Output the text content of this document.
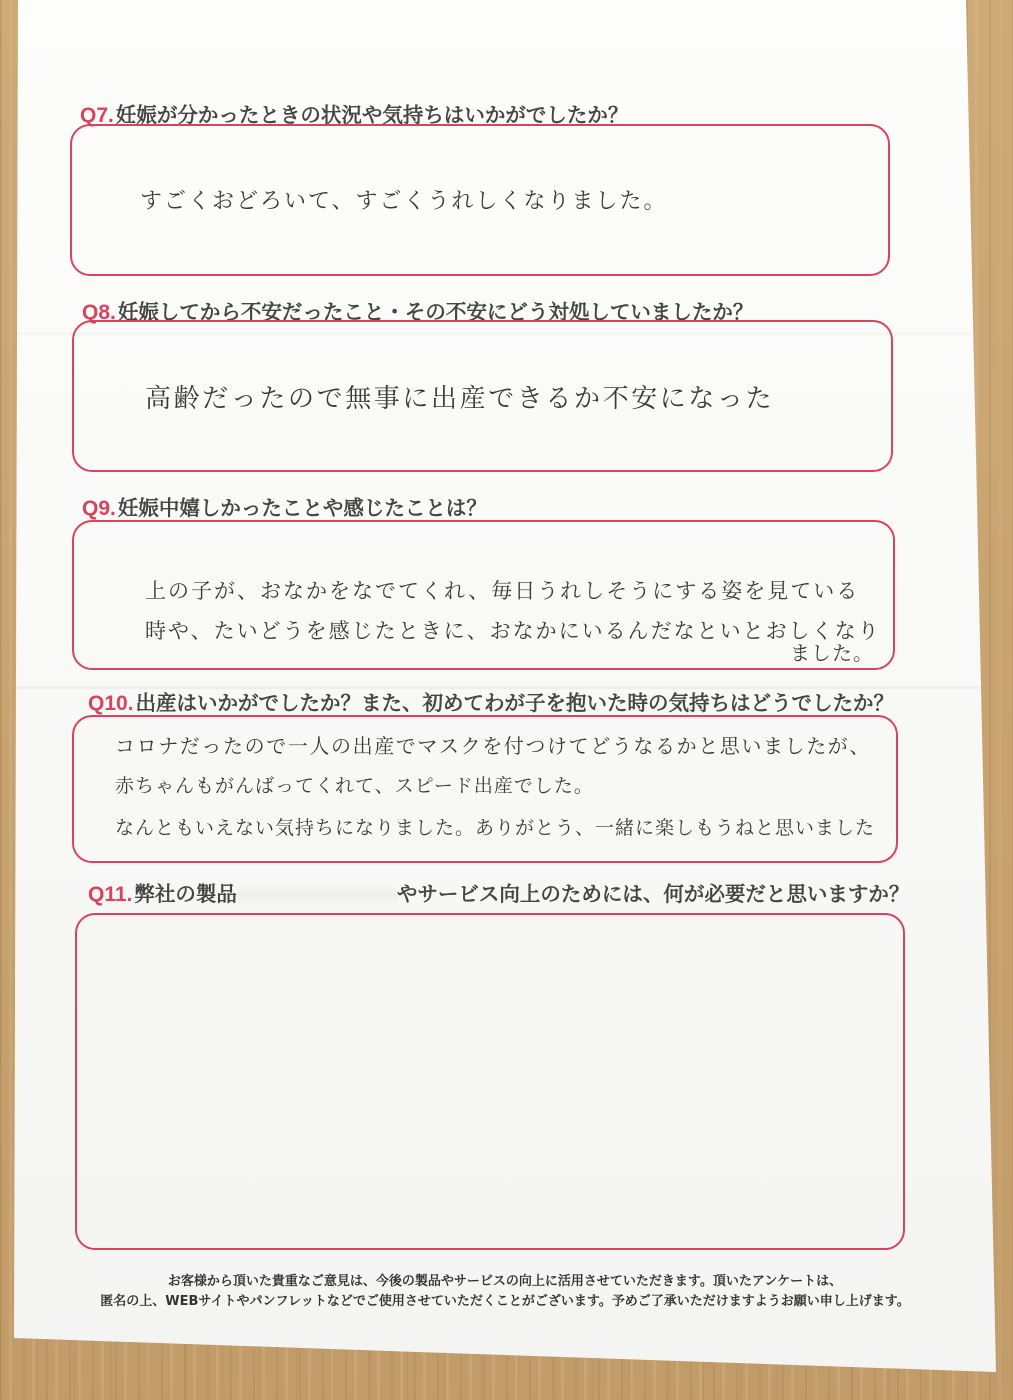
Q7.妊娠が分かったときの状況や気持ちはいかがでしたか？
すごくおどろいて、すごくうれしくなりました。
Q8.妊娠してから不安だったこと・その不安にどう対処していましたか？
高齢だったので無事に出産できるか不安になった
Q9.妊娠中嬉しかったことや感じたことは？
上の子が、おなかをなでてくれ、毎日うれしそうにする姿を見ている
時や、たいどうを感じたときに、おなかにいるんだなといとおしくなり
ました。
Q10.出産はいかがでしたか？また、初めてわが子を抱いた時の気持ちはどうでしたか？
コロナだったので一人の出産でマスクを付つけてどうなるかと思いましたが、
赤ちゃんもがんばってくれて、スピード出産でした。
なんともいえない気持ちになりました。ありがとう、一緒に楽しもうねと思いました
Q11.弊社の製品	やサービス向上のためには、何が必要だと思いますか？
お客様から頂いた貴重なご意見は、今後の製品やサービスの向上に活用させていただきます。頂いたアンケートは、
匿名の上、WEBサイトやパンフレットなどでご使用させていただくことがございます。予めご了承いただけますようお願い申し上げます。
